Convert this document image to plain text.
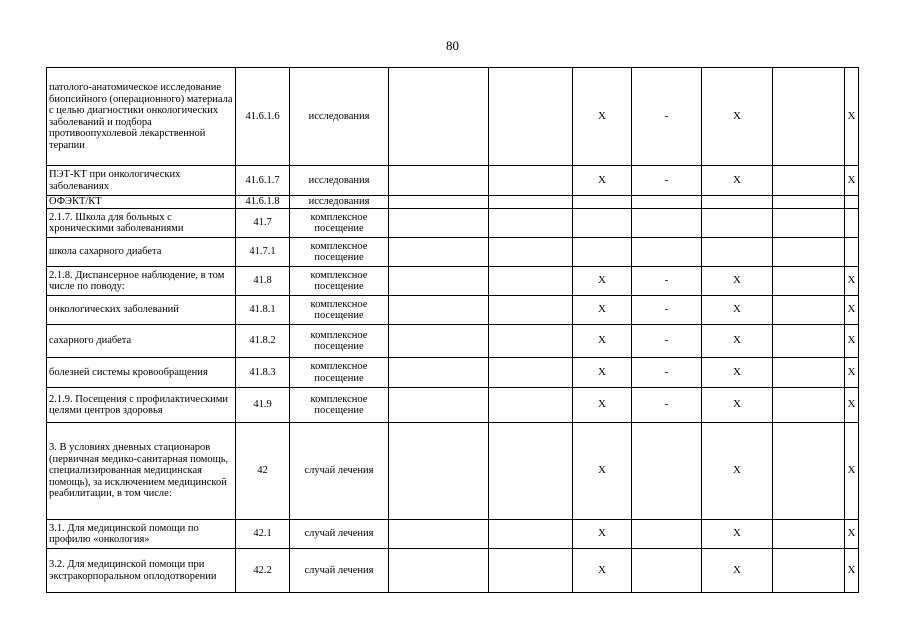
80
патолого-анатомическое исследование биопсийного (операционного) материала с целью диагностики онкологических заболеваний и подбора противоопухолевой лекарственной терапии	41.6.1.6	исследования			X	-	X		X
ПЭТ-КТ при онкологических заболеваниях	41.6.1.7	исследования			X	-	X		X
ОФЭКТ/КТ	41.6.1.8	исследования							
2.1.7. Школа для больных с хроническими заболеваниями	41.7	комплексное посещение							
школа сахарного диабета	41.7.1	комплексное посещение							
2.1.8. Диспансерное наблюдение, в том числе по поводу:	41.8	комплексное посещение			X	-	X		X
онкологических заболеваний	41.8.1	комплексное посещение			X	-	X		X
сахарного диабета	41.8.2	комплексное посещение			X	-	X		X
болезней системы кровообращения	41.8.3	комплексное посещение			X	-	X		X
2.1.9. Посещения с профилактическими целями центров здоровья	41.9	комплексное посещение			X	-	X		X
3. В условиях дневных стационаров (первичная медико-санитарная помощь, специализированная медицинская помощь), за исключением медицинской реабилитации, в том числе:	42	случай лечения			X		X		X
3.1. Для медицинской помощи по профилю «онкология»	42.1	случай лечения			X		X		X
3.2. Для медицинской помощи при экстракорпоральном оплодотворении	42.2	случай лечения			X		X		X
